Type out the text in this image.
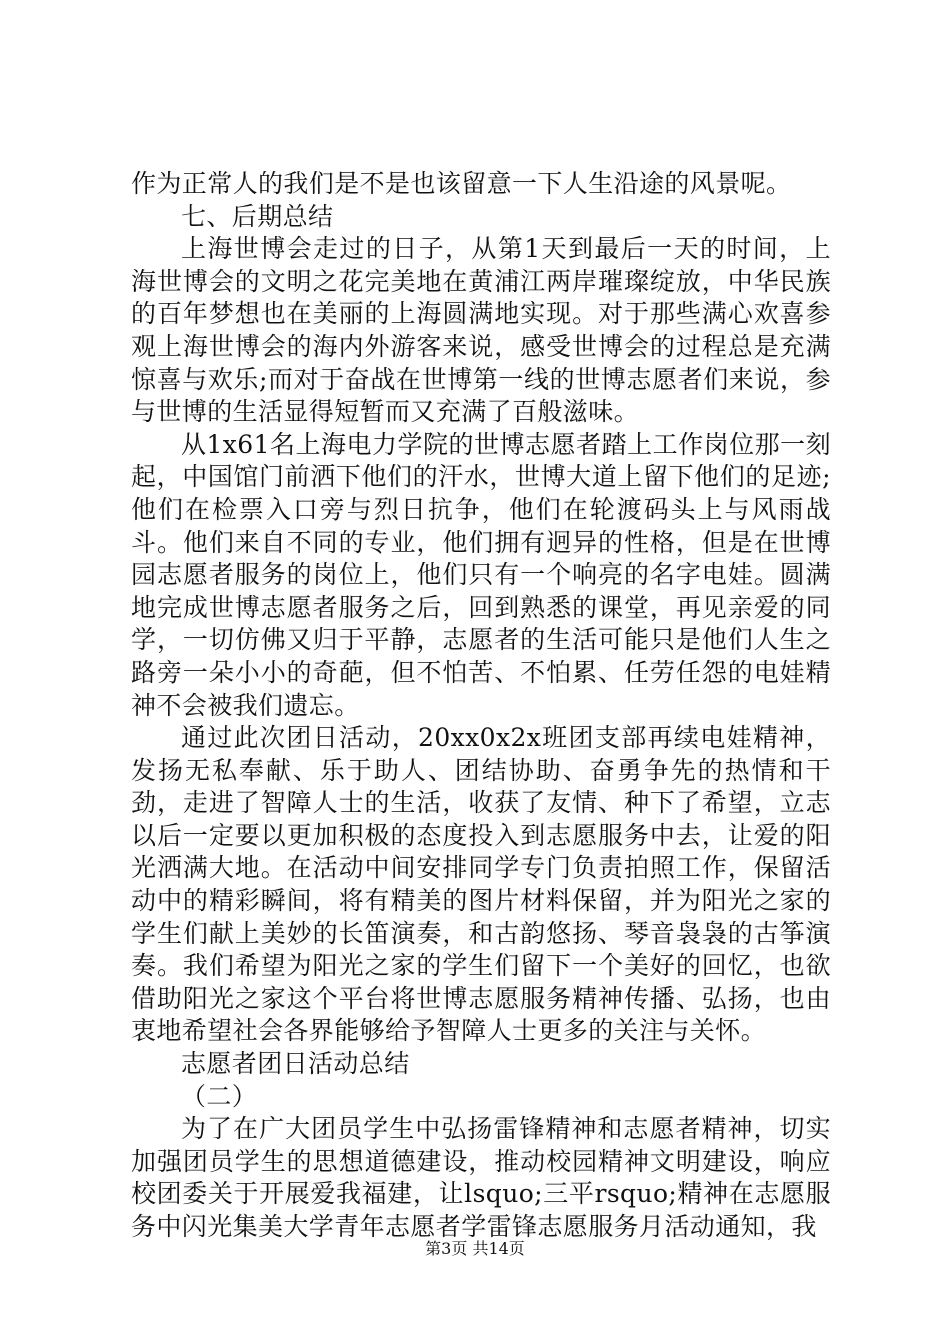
作为正常人的我们是不是也该留意一下人生沿途的风景呢。

七、后期总结

上海世博会走过的日子，从第1天到最后一天的时间，上海世博会的文明之花完美地在黄浦江两岸璀璨绽放，中华民族的百年梦想也在美丽的上海圆满地实现。对于那些满心欢喜参观上海世博会的海内外游客来说，感受世博会的过程总是充满惊喜与欢乐;而对于奋战在世博第一线的世博志愿者们来说，参与世博的生活显得短暂而又充满了百般滋味。

从1x61名上海电力学院的世博志愿者踏上工作岗位那一刻起，中国馆门前洒下他们的汗水，世博大道上留下他们的足迹;他们在检票入口旁与烈日抗争，他们在轮渡码头上与风雨战斗。他们来自不同的专业，他们拥有迥异的性格，但是在世博园志愿者服务的岗位上，他们只有一个响亮的名字电娃。圆满地完成世博志愿者服务之后，回到熟悉的课堂，再见亲爱的同学，一切仿佛又归于平静，志愿者的生活可能只是他们人生之路旁一朵小小的奇葩，但不怕苦、不怕累、任劳任怨的电娃精神不会被我们遗忘。

通过此次团日活动，20xx0x2x班团支部再续电娃精神，发扬无私奉献、乐于助人、团结协助、奋勇争先的热情和干劲，走进了智障人士的生活，收获了友情、种下了希望，立志以后一定要以更加积极的态度投入到志愿服务中去，让爱的阳光洒满大地。在活动中间安排同学专门负责拍照工作，保留活动中的精彩瞬间，将有精美的图片材料保留，并为阳光之家的学生们献上美妙的长笛演奏，和古韵悠扬、琴音袅袅的古筝演奏。我们希望为阳光之家的学生们留下一个美好的回忆，也欲借助阳光之家这个平台将世博志愿服务精神传播、弘扬，也由衷地希望社会各界能够给予智障人士更多的关注与关怀。

志愿者团日活动总结

（二）

为了在广大团员学生中弘扬雷锋精神和志愿者精神，切实加强团员学生的思想道德建设，推动校园精神文明建设，响应校团委关于开展爱我福建，让lsquo;三平rsquo;精神在志愿服务中闪光集美大学青年志愿者学雷锋志愿服务月活动通知，我

第3页 共14页
